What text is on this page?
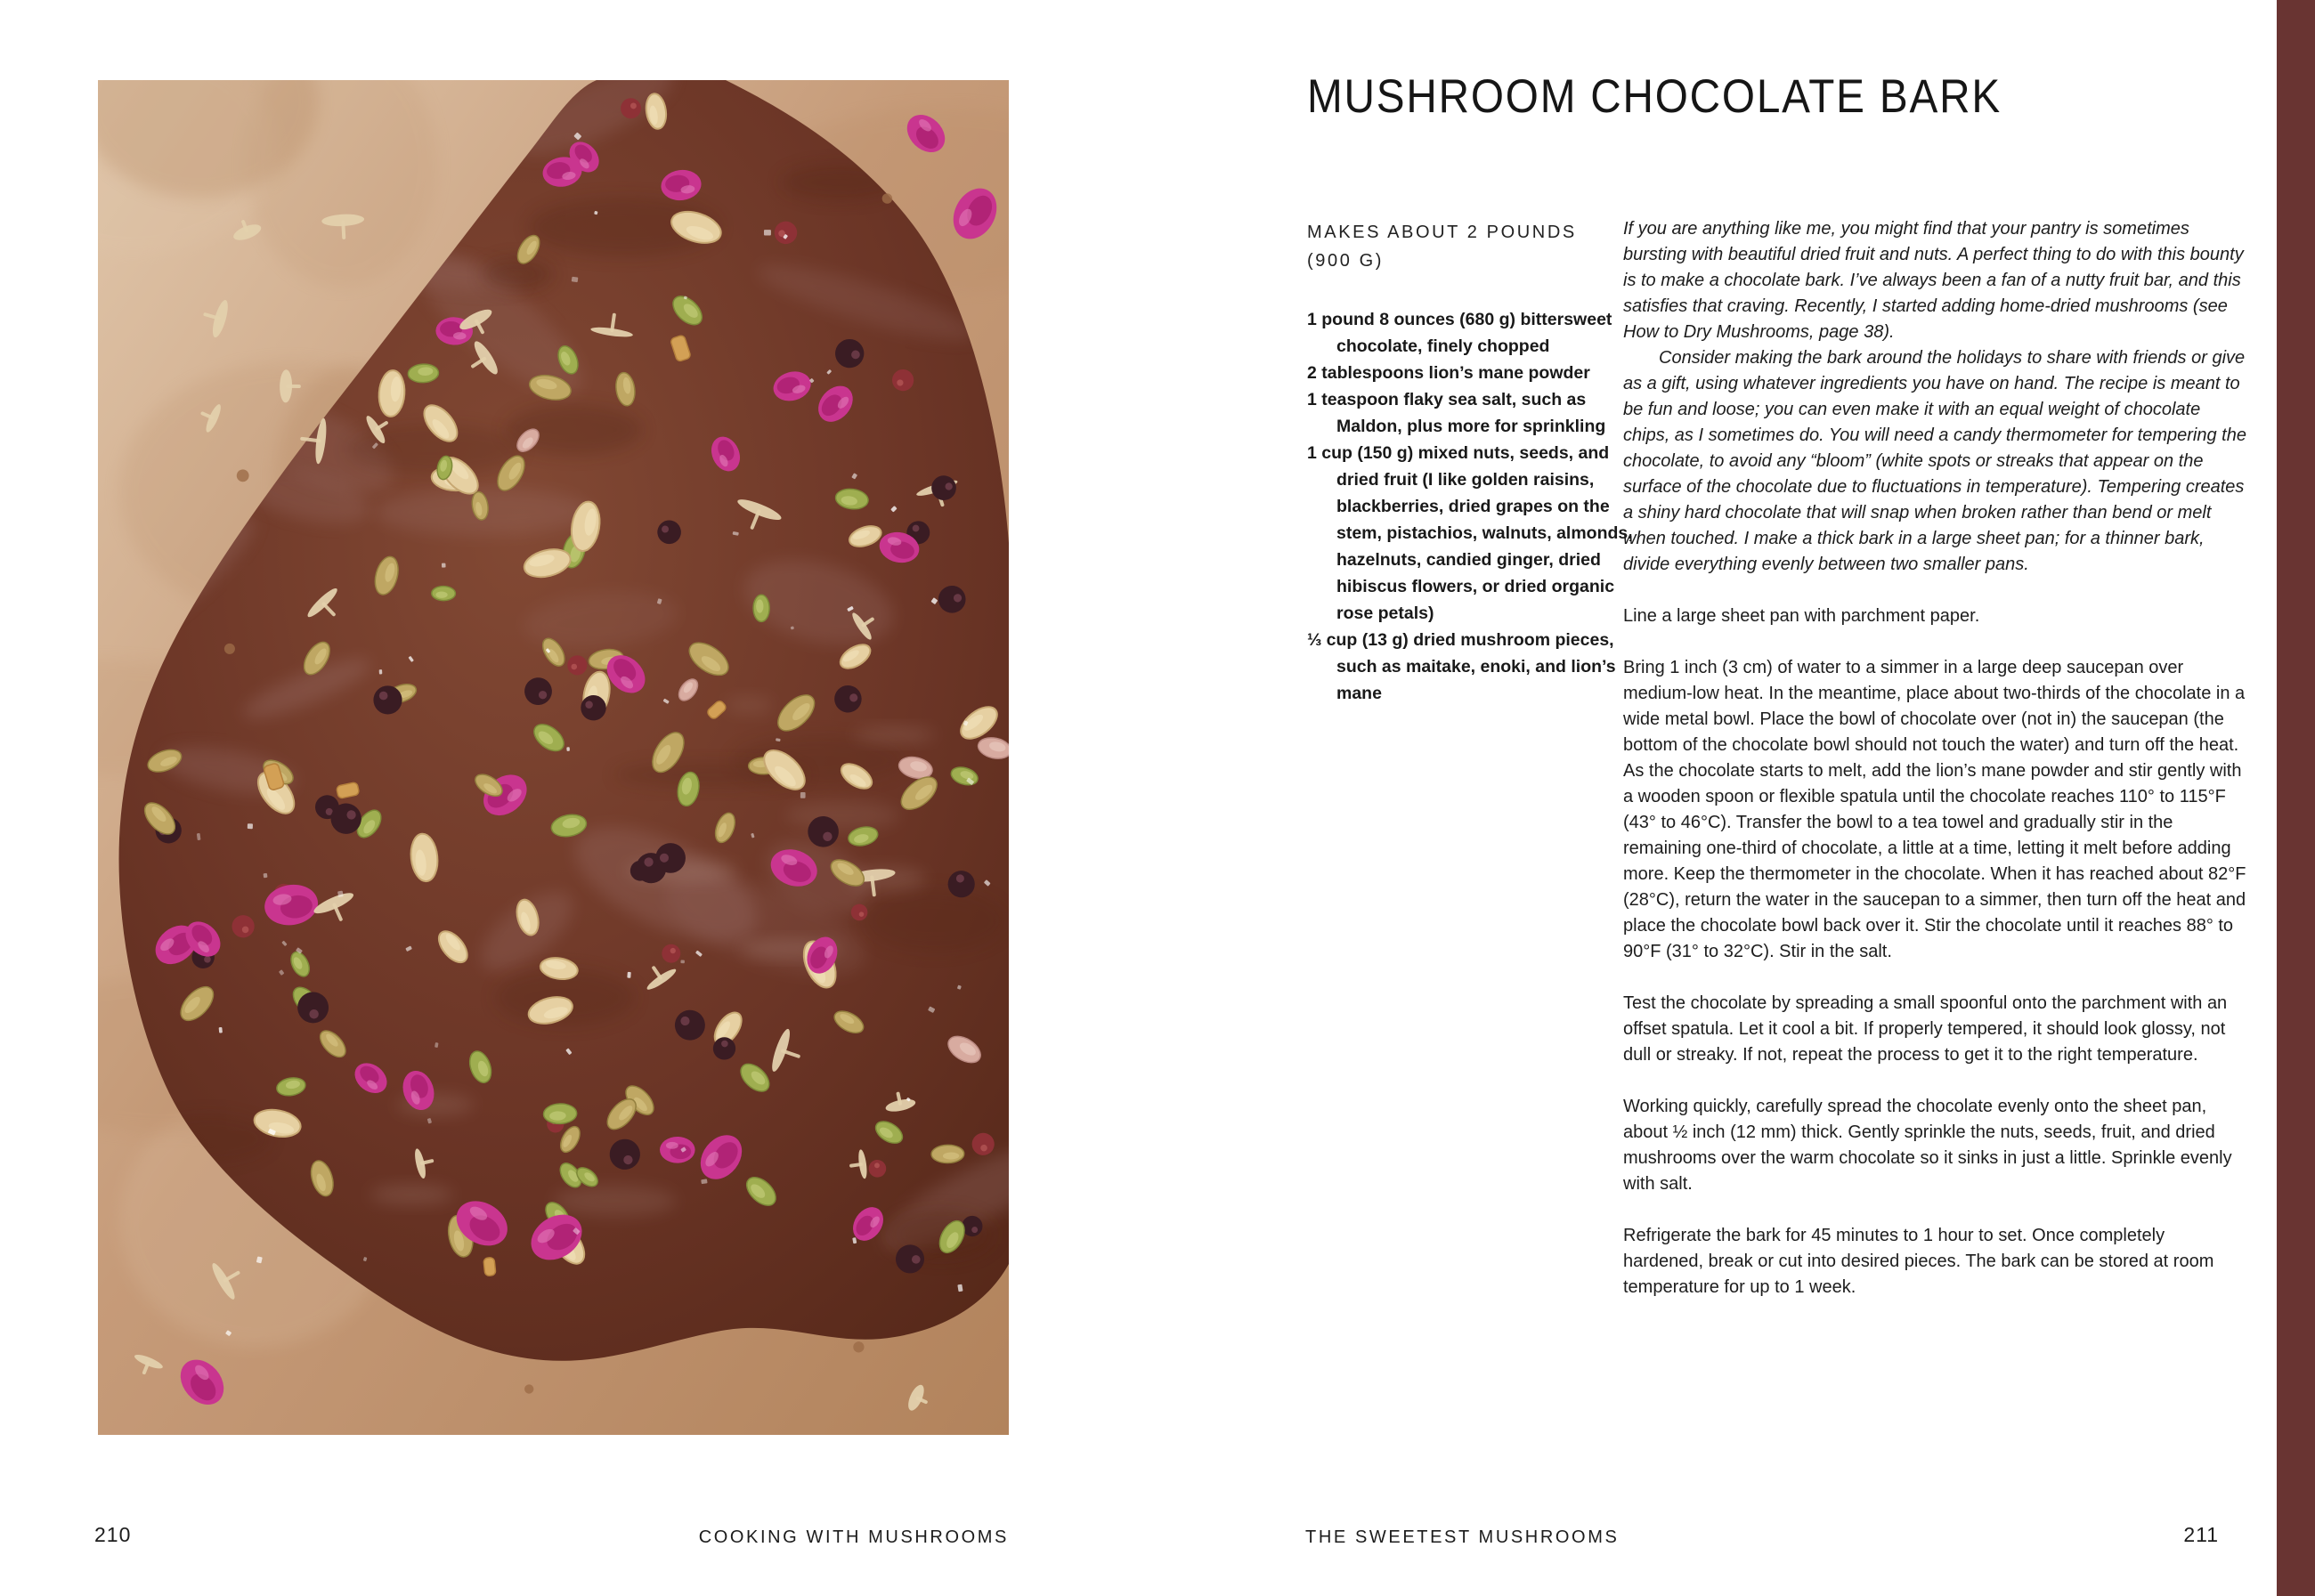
210	COOKING WITH MUSHROOMS
MUSHROOM CHOCOLATE BARK
MAKES ABOUT 2 POUNDS
(900 G)

1 pound 8 ounces (680 g) bittersweet chocolate, finely chopped

2 tablespoons lion’s mane powder

1 teaspoon flaky sea salt, such as Maldon, plus more for sprinkling

1 cup (150 g) mixed nuts, seeds, and dried fruit (I like golden raisins, blackberries, dried grapes on the stem, pistachios, walnuts, almonds, hazelnuts, candied ginger, dried hibiscus flowers, or dried organic rose petals)

⅓ cup (13 g) dried mushroom pieces, such as maitake, enoki, and lion’s mane

If you are anything like me, you might find that your pantry is sometimes bursting with beautiful dried fruit and nuts. A perfect thing to do with this bounty is to make a chocolate bark. I’ve always been a fan of a nutty fruit bar, and this satisfies that craving. Recently, I started adding home-dried mushrooms (see How to Dry Mushrooms, page 38).

Consider making the bark around the holidays to share with friends or give as a gift, using whatever ingredients you have on hand. The recipe is meant to be fun and loose; you can even make it with an equal weight of chocolate chips, as I sometimes do. You will need a candy thermometer for tempering the chocolate, to avoid any “bloom” (white spots or streaks that appear on the surface of the chocolate due to fluctuations in temperature). Tempering creates a shiny hard chocolate that will snap when broken rather than bend or melt when touched. I make a thick bark in a large sheet pan; for a thinner bark, divide everything evenly between two smaller pans.

Line a large sheet pan with parchment paper.

Bring 1 inch (3 cm) of water to a simmer in a large deep saucepan over medium-low heat. In the meantime, place about two-thirds of the chocolate in a wide metal bowl. Place the bowl of chocolate over (not in) the saucepan (the bottom of the chocolate bowl should not touch the water) and turn off the heat. As the chocolate starts to melt, add the lion’s mane powder and stir gently with a wooden spoon or flexible spatula until the chocolate reaches 110° to 115°F (43° to 46°C). Transfer the bowl to a tea towel and gradually stir in the remaining one-third of chocolate, a little at a time, letting it melt before adding more. Keep the thermometer in the chocolate. When it has reached about 82°F (28°C), return the water in the saucepan to a simmer, then turn off the heat and place the chocolate bowl back over it. Stir the chocolate until it reaches 88° to 90°F (31° to 32°C). Stir in the salt.

Test the chocolate by spreading a small spoonful onto the parchment with an offset spatula. Let it cool a bit. If properly tempered, it should look glossy, not dull or streaky. If not, repeat the process to get it to the right temperature.

Working quickly, carefully spread the chocolate evenly onto the sheet pan, about ½ inch (12 mm) thick. Gently sprinkle the nuts, seeds, fruit, and dried mushrooms over the warm chocolate so it sinks in just a little. Sprinkle evenly with salt.

Refrigerate the bark for 45 minutes to 1 hour to set. Once completely hardened, break or cut into desired pieces. The bark can be stored at room temperature for up to 1 week.

THE SWEETEST MUSHROOMS	211
